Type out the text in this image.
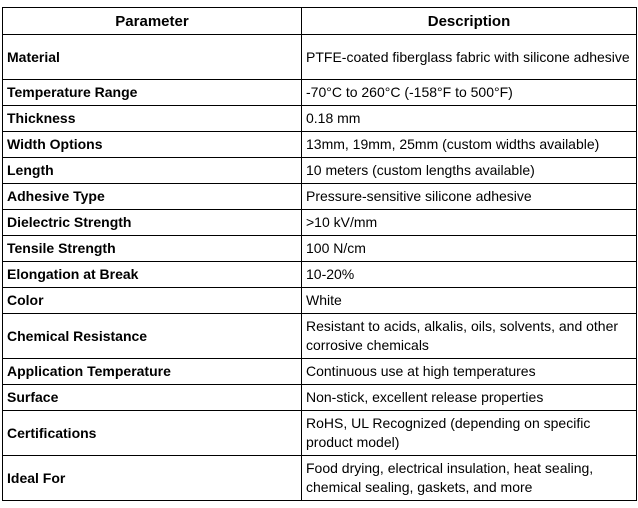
Parameter	Description
Material	PTFE-coated fiberglass fabric with silicone adhesive
Temperature Range	-70°C to 260°C (-158°F to 500°F)
Thickness	0.18 mm
Width Options	13mm, 19mm, 25mm (custom widths available)
Length	10 meters (custom lengths available)
Adhesive Type	Pressure-sensitive silicone adhesive
Dielectric Strength	>10 kV/mm
Tensile Strength	100 N/cm
Elongation at Break	10-20%
Color	White
Chemical Resistance	Resistant to acids, alkalis, oils, solvents, and other corrosive chemicals
Application Temperature	Continuous use at high temperatures
Surface	Non-stick, excellent release properties
Certifications	RoHS, UL Recognized (depending on specific product model)
Ideal For	Food drying, electrical insulation, heat sealing, chemical sealing, gaskets, and more
